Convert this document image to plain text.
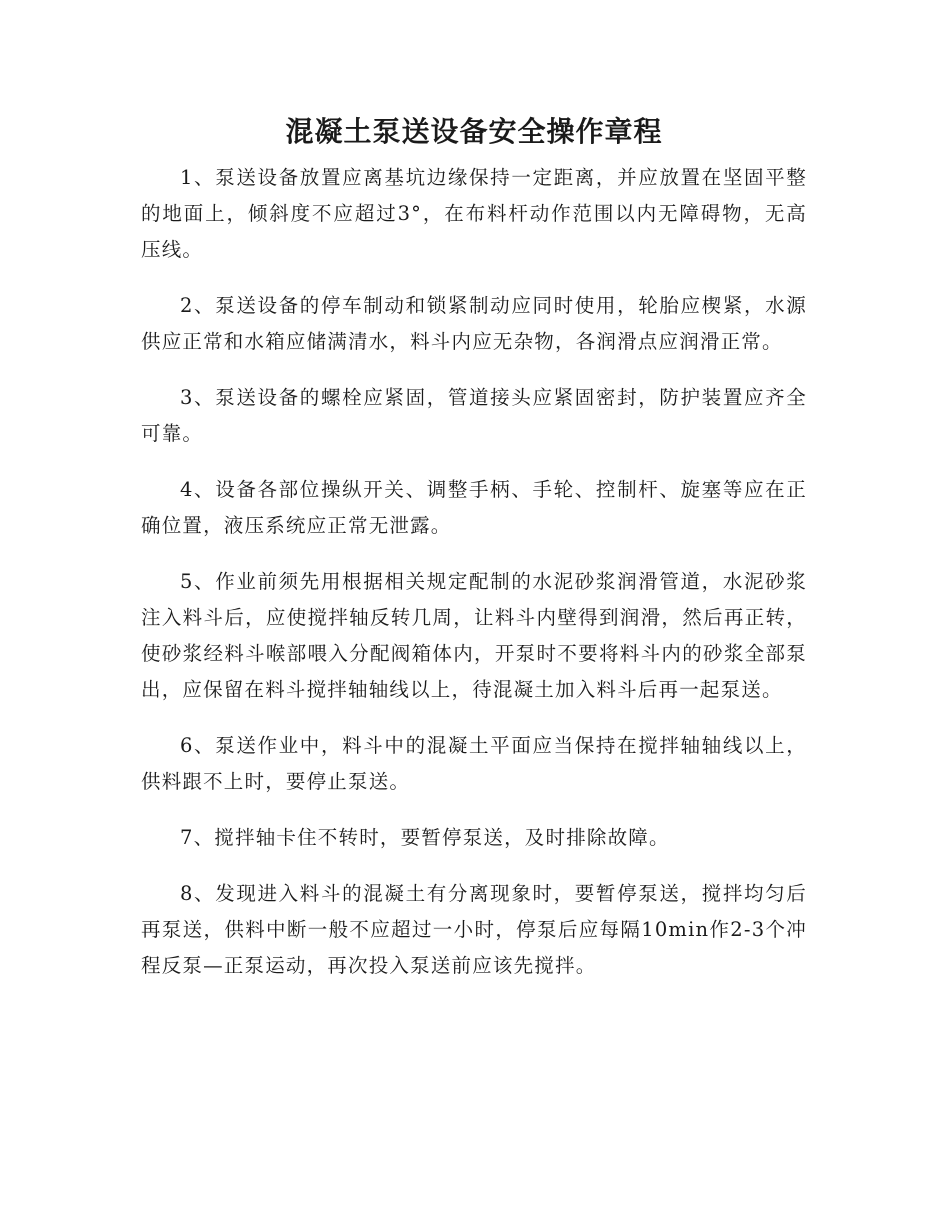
混凝土泵送设备安全操作章程

1、泵送设备放置应离基坑边缘保持一定距离，并应放置在坚固平整的地面上，倾斜度不应超过3°，在布料杆动作范围以内无障碍物，无高压线。

2、泵送设备的停车制动和锁紧制动应同时使用，轮胎应楔紧，水源供应正常和水箱应储满清水，料斗内应无杂物，各润滑点应润滑正常。

3、泵送设备的螺栓应紧固，管道接头应紧固密封，防护装置应齐全可靠。

4、设备各部位操纵开关、调整手柄、手轮、控制杆、旋塞等应在正确位置，液压系统应正常无泄露。

5、作业前须先用根据相关规定配制的水泥砂浆润滑管道，水泥砂浆注入料斗后，应使搅拌轴反转几周，让料斗内壁得到润滑，然后再正转，使砂浆经料斗喉部喂入分配阀箱体内，开泵时不要将料斗内的砂浆全部泵出，应保留在料斗搅拌轴轴线以上，待混凝土加入料斗后再一起泵送。

6、泵送作业中，料斗中的混凝土平面应当保持在搅拌轴轴线以上，供料跟不上时，要停止泵送。

7、搅拌轴卡住不转时，要暂停泵送，及时排除故障。

8、发现进入料斗的混凝土有分离现象时，要暂停泵送，搅拌均匀后再泵送，供料中断一般不应超过一小时，停泵后应每隔10min作2-3个冲程反泵—正泵运动，再次投入泵送前应该先搅拌。
